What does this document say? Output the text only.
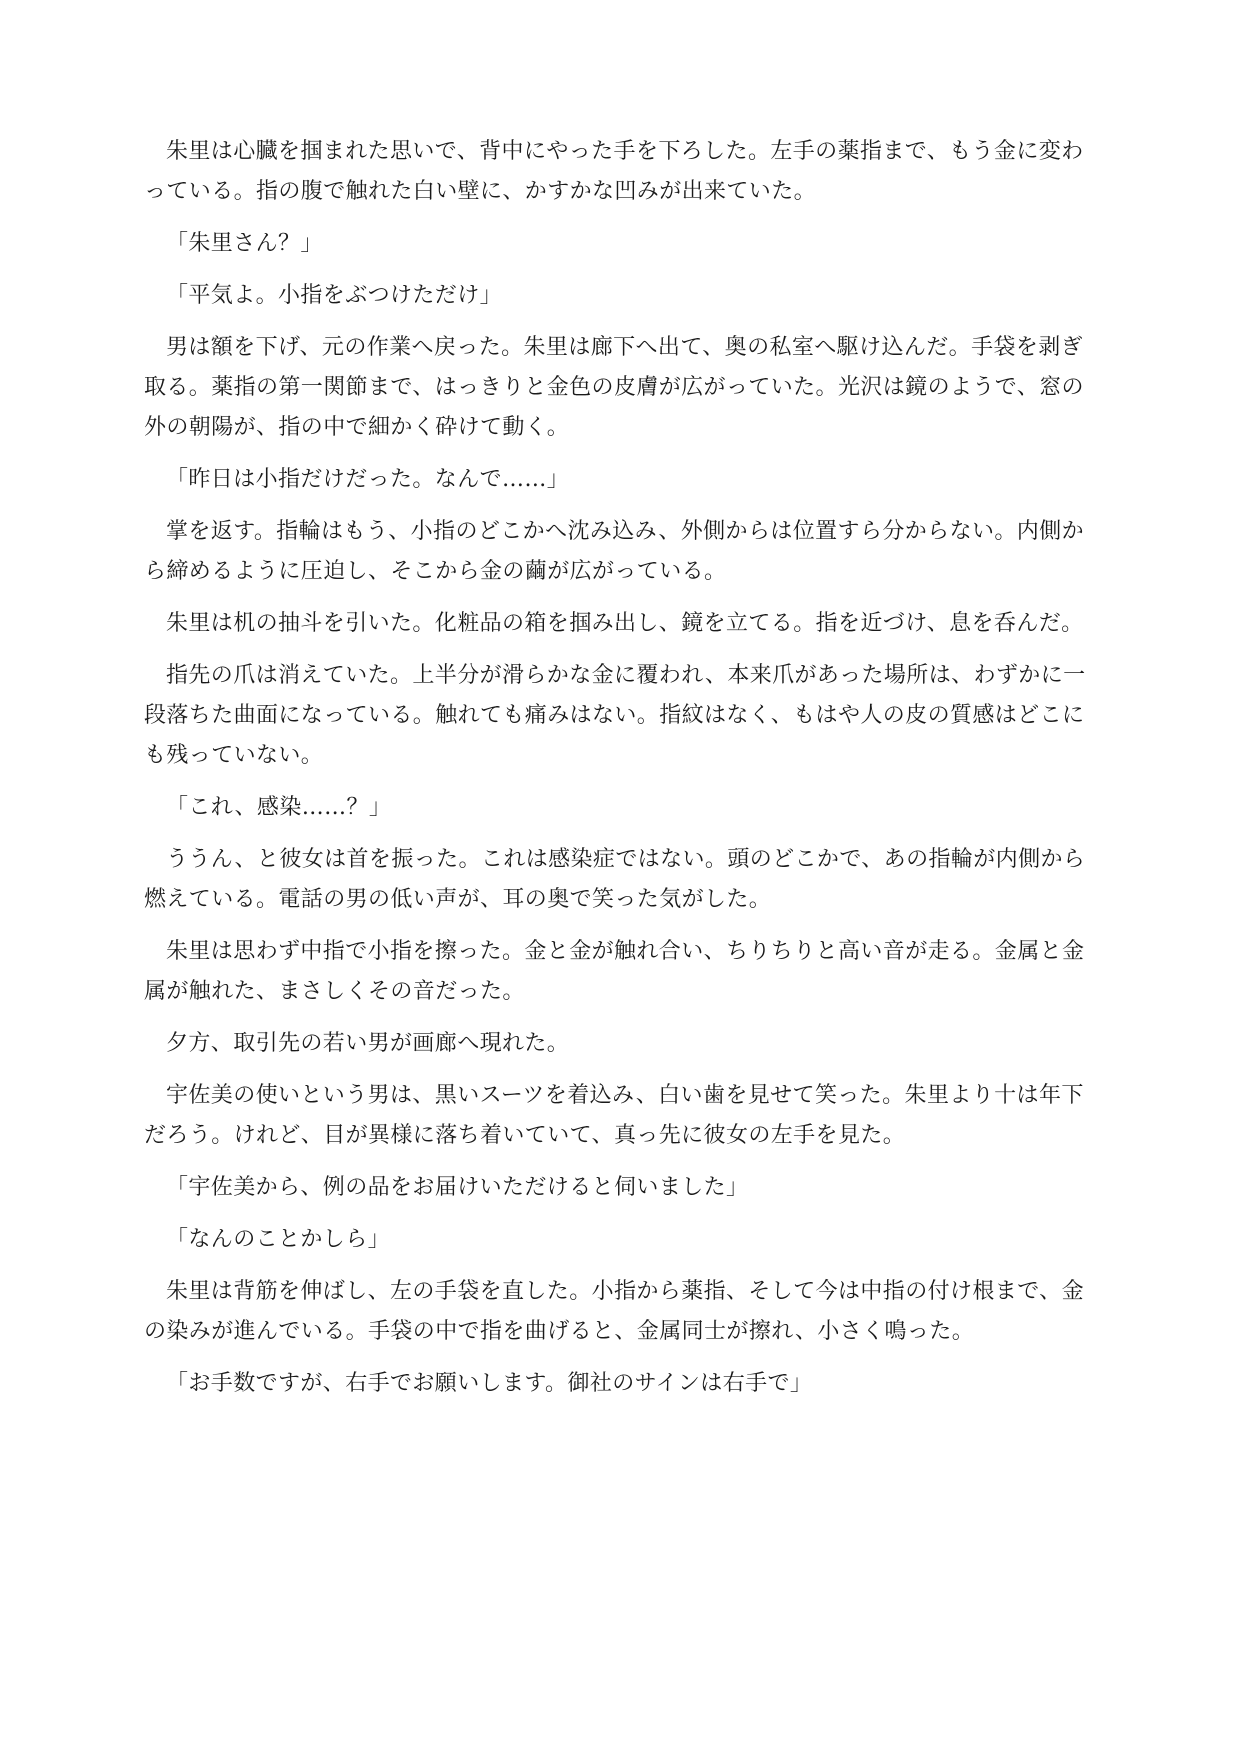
朱里は心臓を掴まれた思いで、背中にやった手を下ろした。左手の薬指まで、もう金に変わっている。指の腹で触れた白い壁に、かすかな凹みが出来ていた。

「朱里さん？」

「平気よ。小指をぶつけただけ」

男は額を下げ、元の作業へ戻った。朱里は廊下へ出て、奥の私室へ駆け込んだ。手袋を剥ぎ取る。薬指の第一関節まで、はっきりと金色の皮膚が広がっていた。光沢は鏡のようで、窓の外の朝陽が、指の中で細かく砕けて動く。

「昨日は小指だけだった。なんで……」

掌を返す。指輪はもう、小指のどこかへ沈み込み、外側からは位置すら分からない。内側から締めるように圧迫し、そこから金の繭が広がっている。

朱里は机の抽斗を引いた。化粧品の箱を掴み出し、鏡を立てる。指を近づけ、息を呑んだ。

指先の爪は消えていた。上半分が滑らかな金に覆われ、本来爪があった場所は、わずかに一段落ちた曲面になっている。触れても痛みはない。指紋はなく、もはや人の皮の質感はどこにも残っていない。

「これ、感染……？」

ううん、と彼女は首を振った。これは感染症ではない。頭のどこかで、あの指輪が内側から燃えている。電話の男の低い声が、耳の奥で笑った気がした。

朱里は思わず中指で小指を擦った。金と金が触れ合い、ちりちりと高い音が走る。金属と金属が触れた、まさしくその音だった。

夕方、取引先の若い男が画廊へ現れた。

宇佐美の使いという男は、黒いスーツを着込み、白い歯を見せて笑った。朱里より十は年下だろう。けれど、目が異様に落ち着いていて、真っ先に彼女の左手を見た。

「宇佐美から、例の品をお届けいただけると伺いました」

「なんのことかしら」

朱里は背筋を伸ばし、左の手袋を直した。小指から薬指、そして今は中指の付け根まで、金の染みが進んでいる。手袋の中で指を曲げると、金属同士が擦れ、小さく鳴った。

「お手数ですが、右手でお願いします。御社のサインは右手で」
